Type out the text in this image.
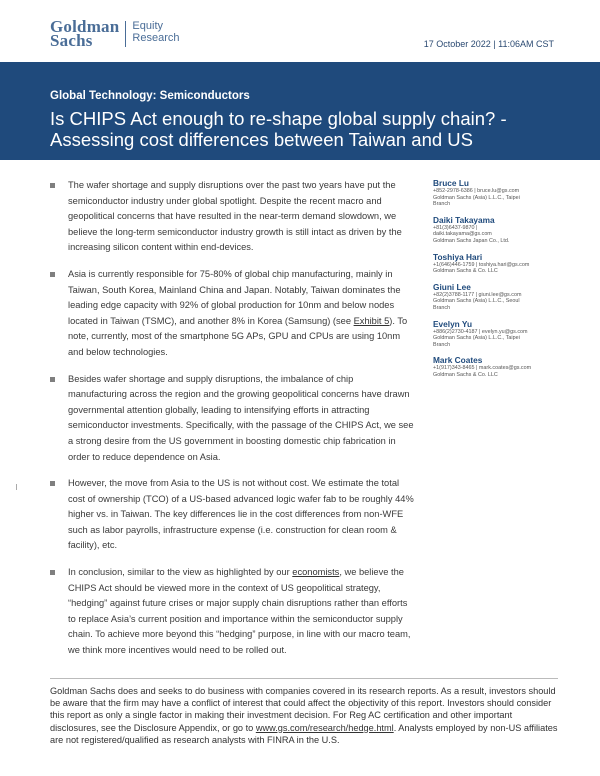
Goldman
Sachs
Equity
Research	17 October 2022 | 11:06AM CST
Global Technology: Semiconductors
Is CHIPS Act enough to re-shape global supply chain? - Assessing cost differences between Taiwan and US
The wafer shortage and supply disruptions over the past two years have put the semiconductor industry under global spotlight. Despite the recent macro and geopolitical concerns that have resulted in the near-term demand slowdown, we believe the long-term semiconductor industry growth is still intact as driven by the increasing silicon content within end-devices.
Asia is currently responsible for 75-80% of global chip manufacturing, mainly in Taiwan, South Korea, Mainland China and Japan. Notably, Taiwan dominates the leading edge capacity with 92% of global production for 10nm and below nodes located in Taiwan (TSMC), and another 8% in Korea (Samsung) (see Exhibit 5). To note, currently, most of the smartphone 5G APs, GPU and CPUs are using 10nm and below technologies.
Besides wafer shortage and supply disruptions, the imbalance of chip manufacturing across the region and the growing geopolitical concerns have drawn governmental attention globally, leading to intensifying efforts in attracting semiconductor investments. Specifically, with the passage of the CHIPS Act, we see a strong desire from the US government in boosting domestic chip fabrication in order to reduce dependence on Asia.
However, the move from Asia to the US is not without cost. We estimate the total cost of ownership (TCO) of a US-based advanced logic wafer fab to be roughly 44% higher vs. in Taiwan. The key differences lie in the cost differences from non-WFE such as labor payrolls, infrastructure expense (i.e. construction for clean room & facility), etc.
In conclusion, similar to the view as highlighted by our economists, we believe the CHIPS Act should be viewed more in the context of US geopolitical strategy, “hedging” against future crises or major supply chain disruptions rather than efforts to replace Asia’s current position and importance within the semiconductor supply chain. To achieve more beyond this “hedging” purpose, in line with our macro team, we think more incentives would need to be rolled out.
Bruce Lu
+852-2978-6386 | bruce.lu@gs.com
Goldman Sachs (Asia) L.L.C., Taipei
Branch
Daiki Takayama
+81(3)6437-9870 |
daiki.takayama@gs.com
Goldman Sachs Japan Co., Ltd.
Toshiya Hari
+1(646)446-1759 | toshiya.hari@gs.com
Goldman Sachs & Co. LLC
Giuni Lee
+82(2)3788-1177 | giuni.lee@gs.com
Goldman Sachs (Asia) L.L.C., Seoul
Branch
Evelyn Yu
+886(2)2730-4187 | evelyn.yu@gs.com
Goldman Sachs (Asia) L.L.C., Taipei
Branch
Mark Coates
+1(917)343-8465 | mark.coates@gs.com
Goldman Sachs & Co. LLC
Goldman Sachs does and seeks to do business with companies covered in its research reports. As a result, investors should be aware that the firm may have a conflict of interest that could affect the objectivity of this report. Investors should consider this report as only a single factor in making their investment decision. For Reg AC certification and other important disclosures, see the Disclosure Appendix, or go to www.gs.com/research/hedge.html. Analysts employed by non-US affiliates are not registered/qualified as research analysts with FINRA in the U.S.
